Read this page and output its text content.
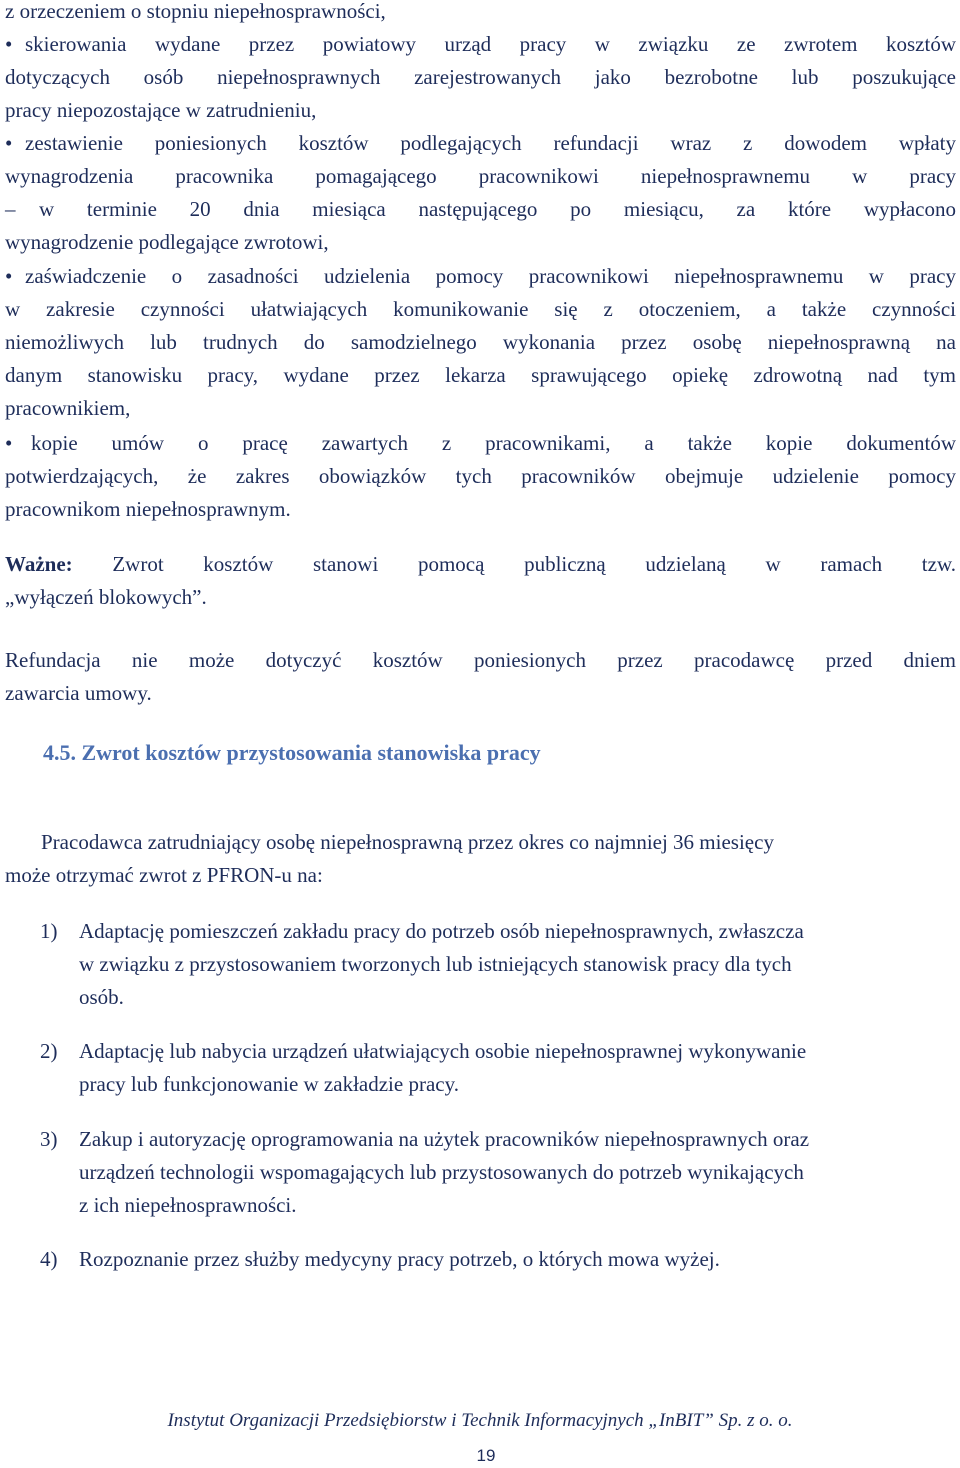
z orzeczeniem o stopniu niepełnosprawności,
• skierowania wydane przez powiatowy urząd pracy w związku ze zwrotem kosztów
dotyczących osób niepełnosprawnych zarejestrowanych jako bezrobotne lub poszukujące
pracy niepozostające w zatrudnieniu,
• zestawienie poniesionych kosztów podlegających refundacji wraz z dowodem wpłaty
wynagrodzenia pracownika pomagającego pracownikowi niepełnosprawnemu w pracy
– w terminie 20 dnia miesiąca następującego po miesiącu, za które wypłacono
wynagrodzenie podlegające zwrotowi,
• zaświadczenie o zasadności udzielenia pomocy pracownikowi niepełnosprawnemu w pracy
w zakresie czynności ułatwiających komunikowanie się z otoczeniem, a także czynności
niemożliwych lub trudnych do samodzielnego wykonania przez osobę niepełnosprawną na
danym stanowisku pracy, wydane przez lekarza sprawującego opiekę zdrowotną nad tym
pracownikiem,
• kopie umów o pracę zawartych z pracownikami, a także kopie dokumentów
potwierdzających, że zakres obowiązków tych pracowników obejmuje udzielenie pomocy
pracownikom niepełnosprawnym.
Ważne: Zwrot kosztów stanowi pomocą publiczną udzielaną w ramach tzw.
„wyłączeń blokowych”.
Refundacja nie może dotyczyć kosztów poniesionych przez pracodawcę przed dniem
zawarcia umowy.
4.5. Zwrot kosztów przystosowania stanowiska pracy
Pracodawca zatrudniający osobę niepełnosprawną przez okres co najmniej 36 miesięcy
może otrzymać zwrot z PFRON-u na:
1) Adaptację pomieszczeń zakładu pracy do potrzeb osób niepełnosprawnych, zwłaszcza
w związku z przystosowaniem tworzonych lub istniejących stanowisk pracy dla tych
osób.
2) Adaptację lub nabycia urządzeń ułatwiających osobie niepełnosprawnej wykonywanie
pracy lub funkcjonowanie w zakładzie pracy.
3) Zakup i autoryzację oprogramowania na użytek pracowników niepełnosprawnych oraz
urządzeń technologii wspomagających lub przystosowanych do potrzeb wynikających
z ich niepełnosprawności.
4) Rozpoznanie przez służby medycyny pracy potrzeb, o których mowa wyżej.
Instytut Organizacji Przedsiębiorstw i Technik Informacyjnych „InBIT” Sp. z o. o.
19
